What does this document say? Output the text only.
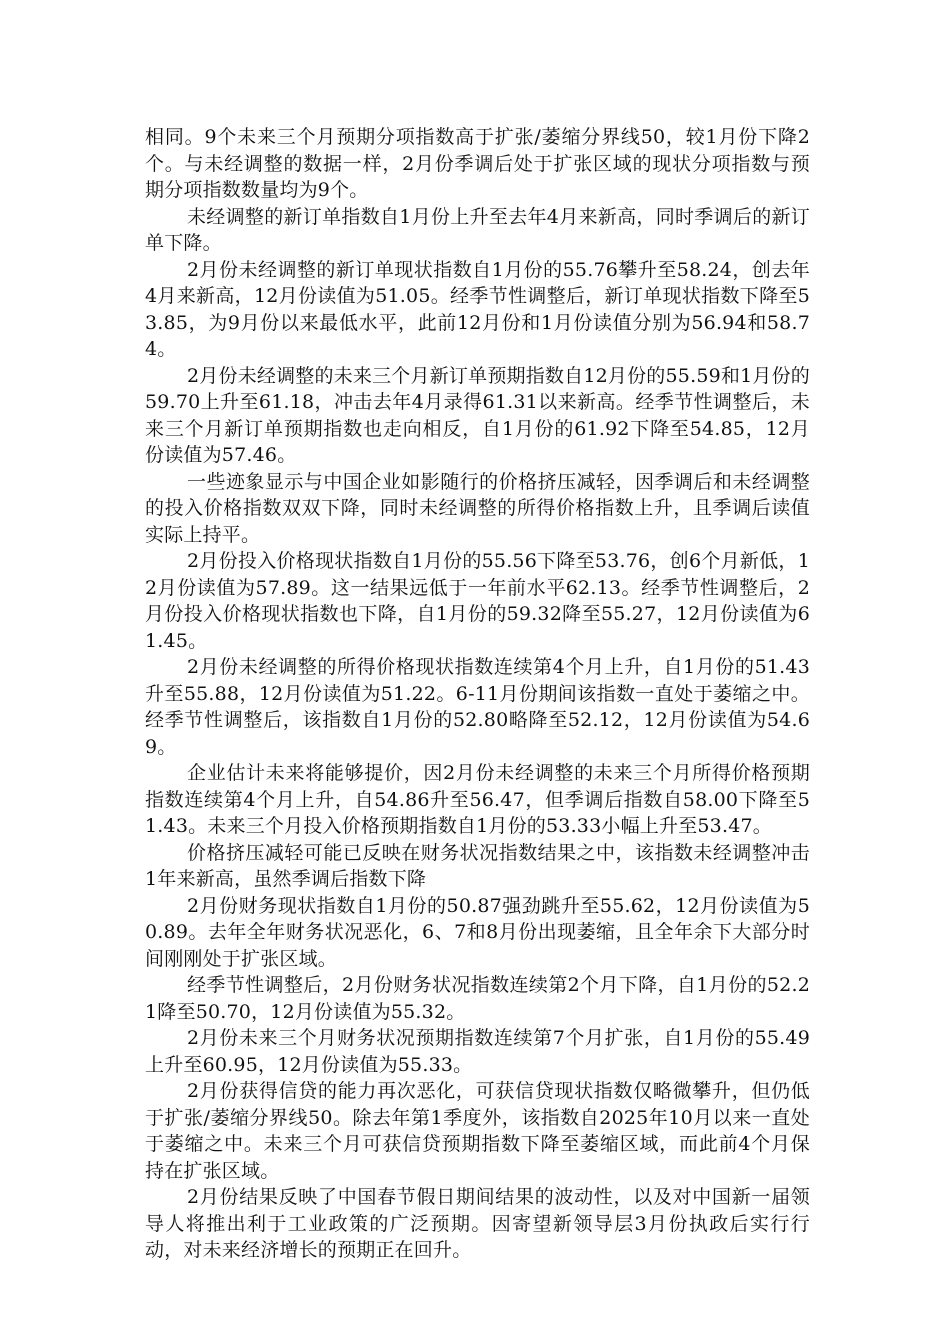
相同。9个未来三个月预期分项指数高于扩张/萎缩分界线50，较1月份下降2个。与未经调整的数据一样，2月份季调后处于扩张区域的现状分项指数与预期分项指数数量均为9个。

未经调整的新订单指数自1月份上升至去年4月来新高，同时季调后的新订单下降。

2月份未经调整的新订单现状指数自1月份的55.76攀升至58.24，创去年4月来新高，12月份读值为51.05。经季节性调整后，新订单现状指数下降至53.85，为9月份以来最低水平，此前12月份和1月份读值分别为56.94和58.74。

2月份未经调整的未来三个月新订单预期指数自12月份的55.59和1月份的59.70上升至61.18，冲击去年4月录得61.31以来新高。经季节性调整后，未来三个月新订单预期指数也走向相反，自1月份的61.92下降至54.85，12月份读值为57.46。

一些迹象显示与中国企业如影随行的价格挤压减轻，因季调后和未经调整的投入价格指数双双下降，同时未经调整的所得价格指数上升，且季调后读值实际上持平。

2月份投入价格现状指数自1月份的55.56下降至53.76，创6个月新低，12月份读值为57.89。这一结果远低于一年前水平62.13。经季节性调整后，2月份投入价格现状指数也下降，自1月份的59.32降至55.27，12月份读值为61.45。

2月份未经调整的所得价格现状指数连续第4个月上升，自1月份的51.43升至55.88，12月份读值为51.22。6-11月份期间该指数一直处于萎缩之中。经季节性调整后，该指数自1月份的52.80略降至52.12，12月份读值为54.69。

企业估计未来将能够提价，因2月份未经调整的未来三个月所得价格预期指数连续第4个月上升，自54.86升至56.47，但季调后指数自58.00下降至51.43。未来三个月投入价格预期指数自1月份的53.33小幅上升至53.47。

价格挤压减轻可能已反映在财务状况指数结果之中，该指数未经调整冲击1年来新高，虽然季调后指数下降

2月份财务现状指数自1月份的50.87强劲跳升至55.62，12月份读值为50.89。去年全年财务状况恶化，6、7和8月份出现萎缩，且全年余下大部分时间刚刚处于扩张区域。

经季节性调整后，2月份财务状况指数连续第2个月下降，自1月份的52.21降至50.70，12月份读值为55.32。

2月份未来三个月财务状况预期指数连续第7个月扩张，自1月份的55.49上升至60.95，12月份读值为55.33。

2月份获得信贷的能力再次恶化，可获信贷现状指数仅略微攀升，但仍低于扩张/萎缩分界线50。除去年第1季度外，该指数自2025年10月以来一直处于萎缩之中。未来三个月可获信贷预期指数下降至萎缩区域，而此前4个月保持在扩张区域。

2月份结果反映了中国春节假日期间结果的波动性，以及对中国新一届领导人将推出利于工业政策的广泛预期。因寄望新领导层3月份执政后实行行动，对未来经济增长的预期正在回升。
